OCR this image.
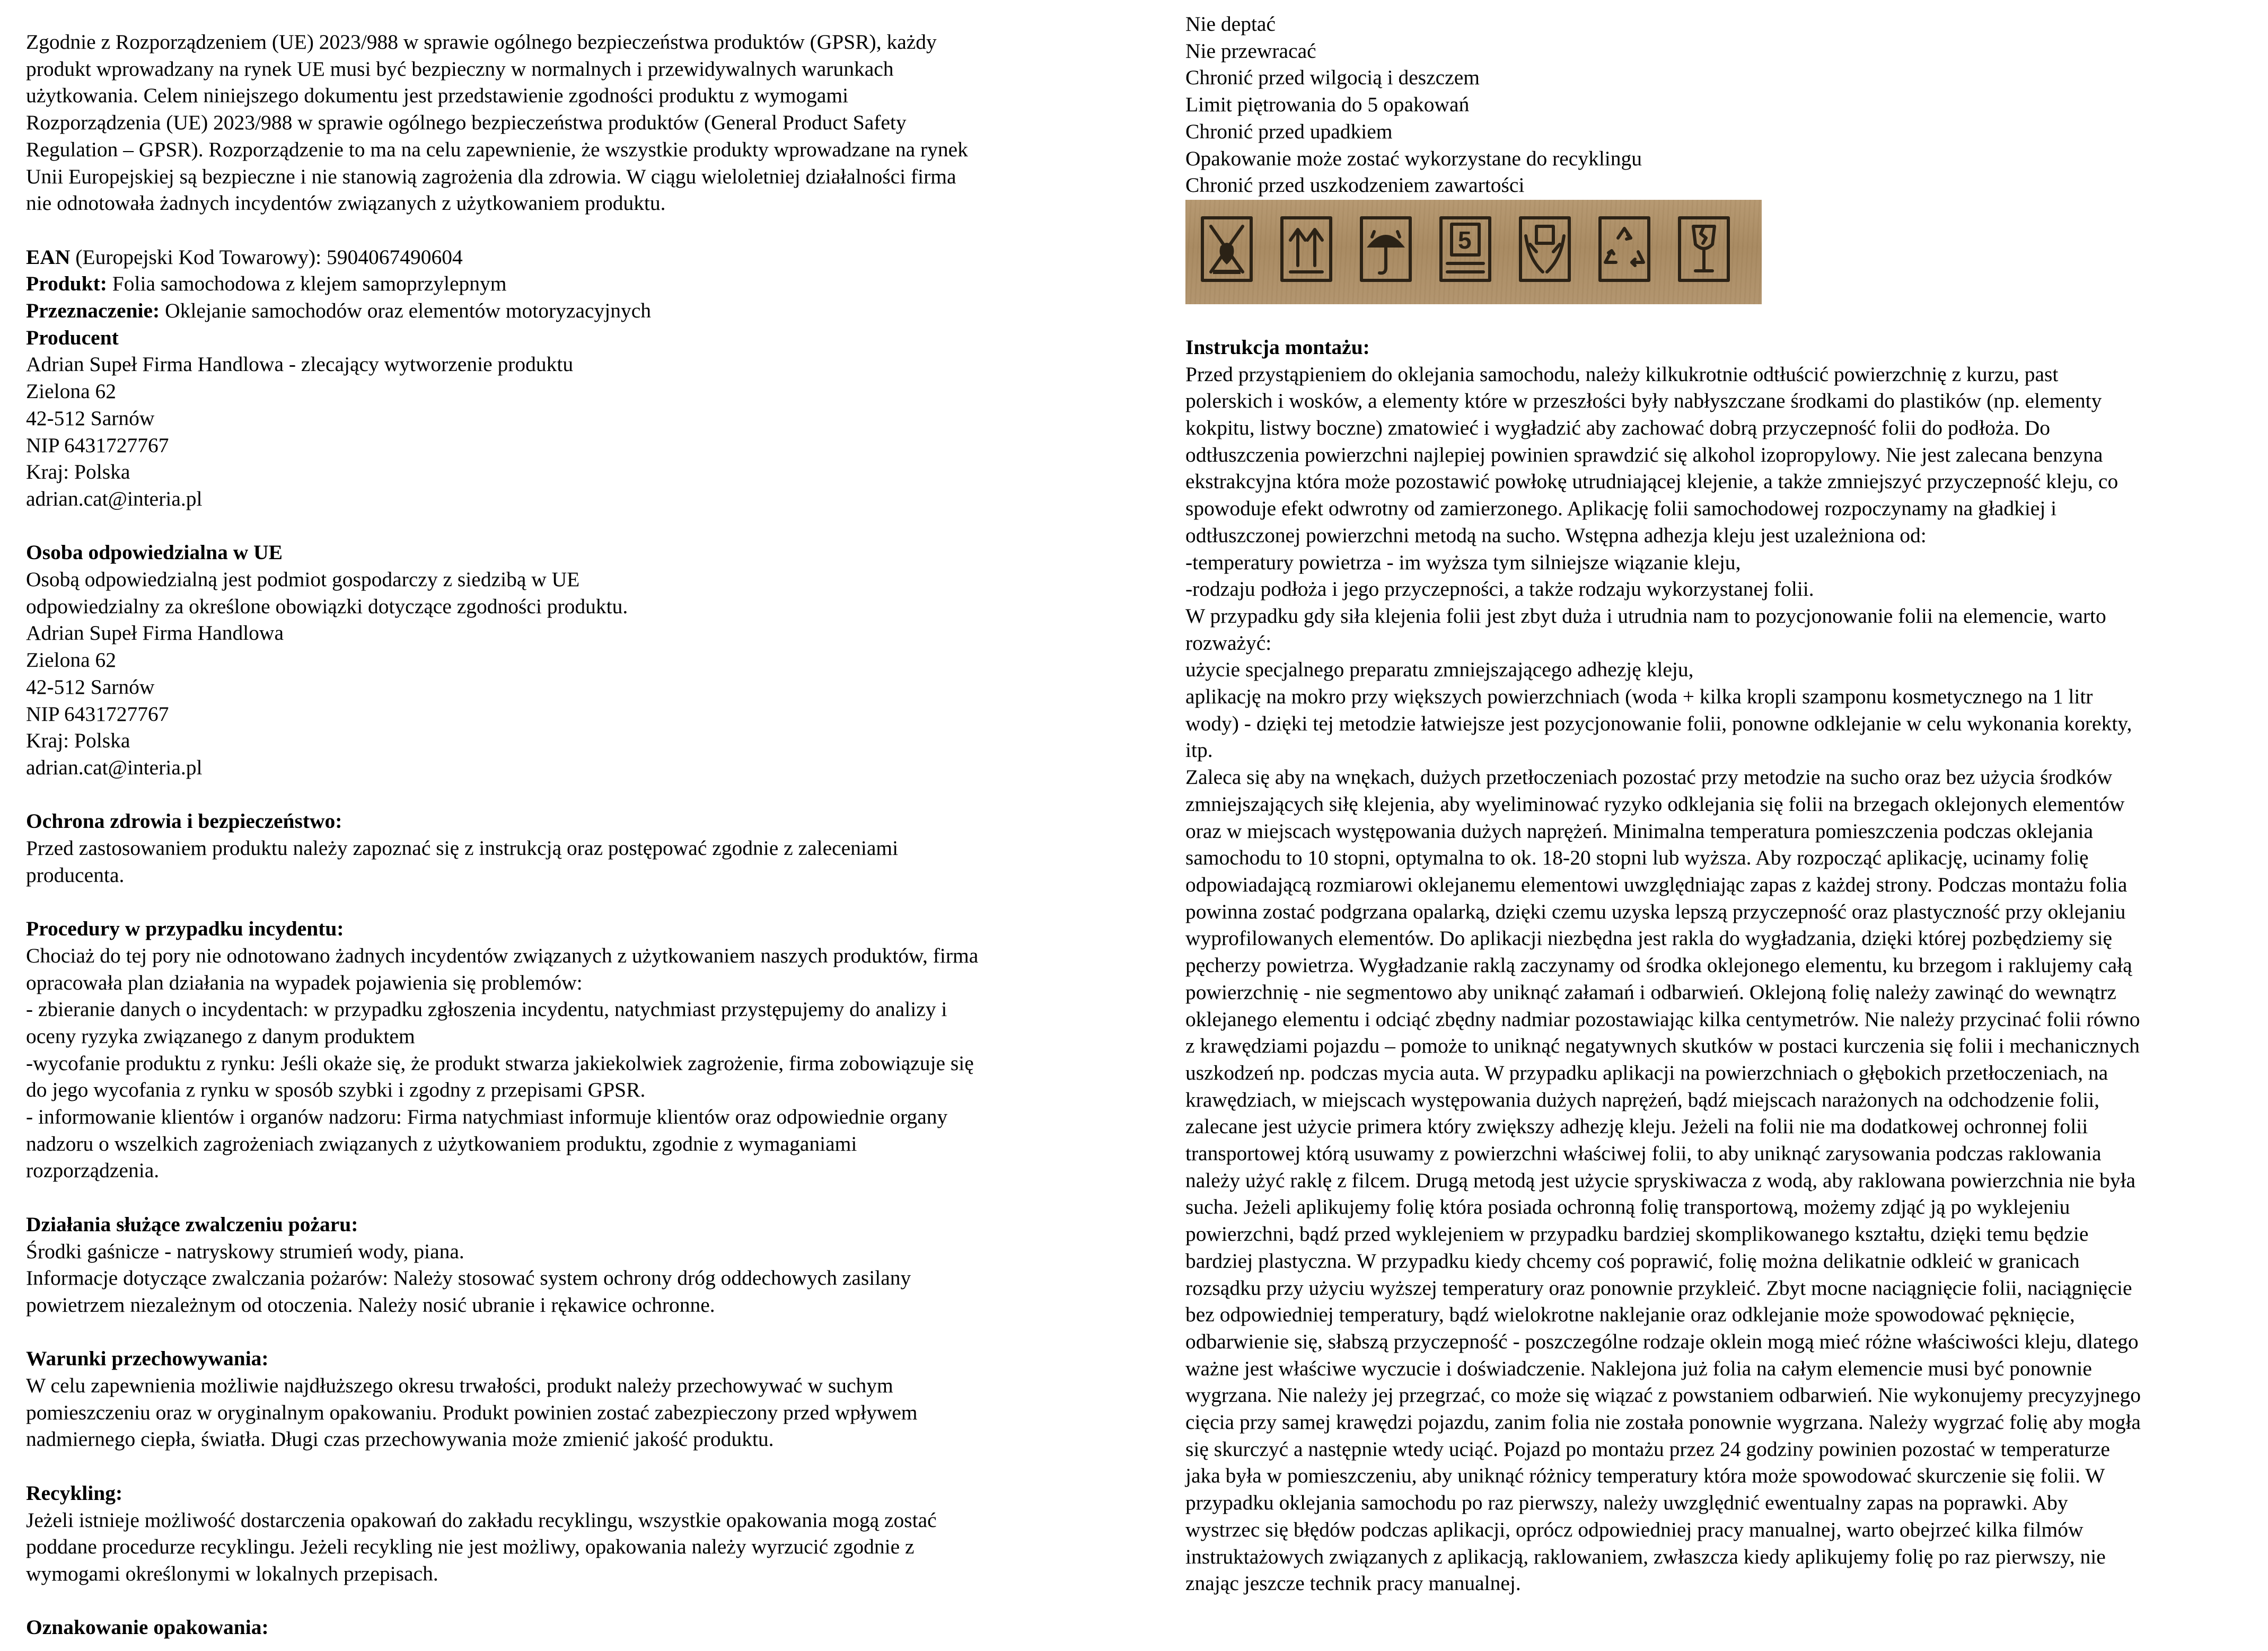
Zgodnie z Rozporządzeniem (UE) 2023/988 w sprawie ogólnego bezpieczeństwa produktów (GPSR), każdy
produkt wprowadzany na rynek UE musi być bezpieczny w normalnych i przewidywalnych warunkach
użytkowania. Celem niniejszego dokumentu jest przedstawienie zgodności produktu z wymogami
Rozporządzenia (UE) 2023/988 w sprawie ogólnego bezpieczeństwa produktów (General Product Safety
Regulation – GPSR). Rozporządzenie to ma na celu zapewnienie, że wszystkie produkty wprowadzane na rynek
Unii Europejskiej są bezpieczne i nie stanowią zagrożenia dla zdrowia. W ciągu wieloletniej działalności firma
nie odnotowała żadnych incydentów związanych z użytkowaniem produktu.
EAN (Europejski Kod Towarowy): 5904067490604
Produkt: Folia samochodowa z klejem samoprzylepnym
Przeznaczenie: Oklejanie samochodów oraz elementów motoryzacyjnych
Producent
Adrian Supeł Firma Handlowa - zlecający wytworzenie produktu
Zielona 62
42-512 Sarnów
NIP 6431727767
Kraj: Polska
adrian.cat@interia.pl
Osoba odpowiedzialna w UE
Osobą odpowiedzialną jest podmiot gospodarczy z siedzibą w UE
odpowiedzialny za określone obowiązki dotyczące zgodności produktu.
Adrian Supeł Firma Handlowa
Zielona 62
42-512 Sarnów
NIP 6431727767
Kraj: Polska
adrian.cat@interia.pl
Ochrona zdrowia i bezpieczeństwo:
Przed zastosowaniem produktu należy zapoznać się z instrukcją oraz postępować zgodnie z zaleceniami
producenta.
Procedury w przypadku incydentu:
Chociaż do tej pory nie odnotowano żadnych incydentów związanych z użytkowaniem naszych produktów, firma
opracowała plan działania na wypadek pojawienia się problemów:
- zbieranie danych o incydentach: w przypadku zgłoszenia incydentu, natychmiast przystępujemy do analizy i
oceny ryzyka związanego z danym produktem
-wycofanie produktu z rynku: Jeśli okaże się, że produkt stwarza jakiekolwiek zagrożenie, firma zobowiązuje się
do jego wycofania z rynku w sposób szybki i zgodny z przepisami GPSR.
- informowanie klientów i organów nadzoru: Firma natychmiast informuje klientów oraz odpowiednie organy
nadzoru o wszelkich zagrożeniach związanych z użytkowaniem produktu, zgodnie z wymaganiami
rozporządzenia.
Działania służące zwalczeniu pożaru:
Środki gaśnicze - natryskowy strumień wody, piana.
Informacje dotyczące zwalczania pożarów: Należy stosować system ochrony dróg oddechowych zasilany
powietrzem niezależnym od otoczenia. Należy nosić ubranie i rękawice ochronne.
Warunki przechowywania:
W celu zapewnienia możliwie najdłuższego okresu trwałości, produkt należy przechowywać w suchym
pomieszczeniu oraz w oryginalnym opakowaniu. Produkt powinien zostać zabezpieczony przed wpływem
nadmiernego ciepła, światła. Długi czas przechowywania może zmienić jakość produktu.
Recykling:
Jeżeli istnieje możliwość dostarczenia opakowań do zakładu recyklingu, wszystkie opakowania mogą zostać
poddane procedurze recyklingu. Jeżeli recykling nie jest możliwy, opakowania należy wyrzucić zgodnie z
wymogami określonymi w lokalnych przepisach.
Oznakowanie opakowania:
Nie deptać
Nie przewracać
Chronić przed wilgocią i deszczem
Limit piętrowania do 5 opakowań
Chronić przed upadkiem
Opakowanie może zostać wykorzystane do recyklingu
Chronić przed uszkodzeniem zawartości
5
Instrukcja montażu:
Przed przystąpieniem do oklejania samochodu, należy kilkukrotnie odtłuścić powierzchnię z kurzu, past
polerskich i wosków, a elementy które w przeszłości były nabłyszczane środkami do plastików (np. elementy
kokpitu, listwy boczne) zmatowieć i wygładzić aby zachować dobrą przyczepność folii do podłoża. Do
odtłuszczenia powierzchni najlepiej powinien sprawdzić się alkohol izopropylowy. Nie jest zalecana benzyna
ekstrakcyjna która może pozostawić powłokę utrudniającej klejenie, a także zmniejszyć przyczepność kleju, co
spowoduje efekt odwrotny od zamierzonego. Aplikację folii samochodowej rozpoczynamy na gładkiej i
odtłuszczonej powierzchni metodą na sucho. Wstępna adhezja kleju jest uzależniona od:
-temperatury powietrza - im wyższa tym silniejsze wiązanie kleju,
-rodzaju podłoża i jego przyczepności, a także rodzaju wykorzystanej folii.
W przypadku gdy siła klejenia folii jest zbyt duża i utrudnia nam to pozycjonowanie folii na elemencie, warto
rozważyć:
użycie specjalnego preparatu zmniejszającego adhezję kleju,
aplikację na mokro przy większych powierzchniach (woda + kilka kropli szamponu kosmetycznego na 1 litr
wody) - dzięki tej metodzie łatwiejsze jest pozycjonowanie folii, ponowne odklejanie w celu wykonania korekty,
itp.
Zaleca się aby na wnękach, dużych przetłoczeniach pozostać przy metodzie na sucho oraz bez użycia środków
zmniejszających siłę klejenia, aby wyeliminować ryzyko odklejania się folii na brzegach oklejonych elementów
oraz w miejscach występowania dużych naprężeń. Minimalna temperatura pomieszczenia podczas oklejania
samochodu to 10 stopni, optymalna to ok. 18-20 stopni lub wyższa. Aby rozpocząć aplikację, ucinamy folię
odpowiadającą rozmiarowi oklejanemu elementowi uwzględniając zapas z każdej strony. Podczas montażu folia
powinna zostać podgrzana opalarką, dzięki czemu uzyska lepszą przyczepność oraz plastyczność przy oklejaniu
wyprofilowanych elementów. Do aplikacji niezbędna jest rakla do wygładzania, dzięki której pozbędziemy się
pęcherzy powietrza. Wygładzanie raklą zaczynamy od środka oklejonego elementu, ku brzegom i raklujemy całą
powierzchnię - nie segmentowo aby uniknąć załamań i odbarwień. Oklejoną folię należy zawinąć do wewnątrz
oklejanego elementu i odciąć zbędny nadmiar pozostawiając kilka centymetrów. Nie należy przycinać folii równo
z krawędziami pojazdu – pomoże to uniknąć negatywnych skutków w postaci kurczenia się folii i mechanicznych
uszkodzeń np. podczas mycia auta. W przypadku aplikacji na powierzchniach o głębokich przetłoczeniach, na
krawędziach, w miejscach występowania dużych naprężeń, bądź miejscach narażonych na odchodzenie folii,
zalecane jest użycie primera który zwiększy adhezję kleju. Jeżeli na folii nie ma dodatkowej ochronnej folii
transportowej którą usuwamy z powierzchni właściwej folii, to aby uniknąć zarysowania podczas raklowania
należy użyć raklę z filcem. Drugą metodą jest użycie spryskiwacza z wodą, aby raklowana powierzchnia nie była
sucha. Jeżeli aplikujemy folię która posiada ochronną folię transportową, możemy zdjąć ją po wyklejeniu
powierzchni, bądź przed wyklejeniem w przypadku bardziej skomplikowanego kształtu, dzięki temu będzie
bardziej plastyczna. W przypadku kiedy chcemy coś poprawić, folię można delikatnie odkleić w granicach
rozsądku przy użyciu wyższej temperatury oraz ponownie przykleić. Zbyt mocne naciągnięcie folii, naciągnięcie
bez odpowiedniej temperatury, bądź wielokrotne naklejanie oraz odklejanie może spowodować pęknięcie,
odbarwienie się, słabszą przyczepność - poszczególne rodzaje oklein mogą mieć różne właściwości kleju, dlatego
ważne jest właściwe wyczucie i doświadczenie. Naklejona już folia na całym elemencie musi być ponownie
wygrzana. Nie należy jej przegrzać, co może się wiązać z powstaniem odbarwień. Nie wykonujemy precyzyjnego
cięcia przy samej krawędzi pojazdu, zanim folia nie została ponownie wygrzana. Należy wygrzać folię aby mogła
się skurczyć a następnie wtedy uciąć. Pojazd po montażu przez 24 godziny powinien pozostać w temperaturze
jaka była w pomieszczeniu, aby uniknąć różnicy temperatury która może spowodować skurczenie się folii. W
przypadku oklejania samochodu po raz pierwszy, należy uwzględnić ewentualny zapas na poprawki. Aby
wystrzec się błędów podczas aplikacji, oprócz odpowiedniej pracy manualnej, warto obejrzeć kilka filmów
instruktażowych związanych z aplikacją, raklowaniem, zwłaszcza kiedy aplikujemy folię po raz pierwszy, nie
znając jeszcze technik pracy manualnej.
